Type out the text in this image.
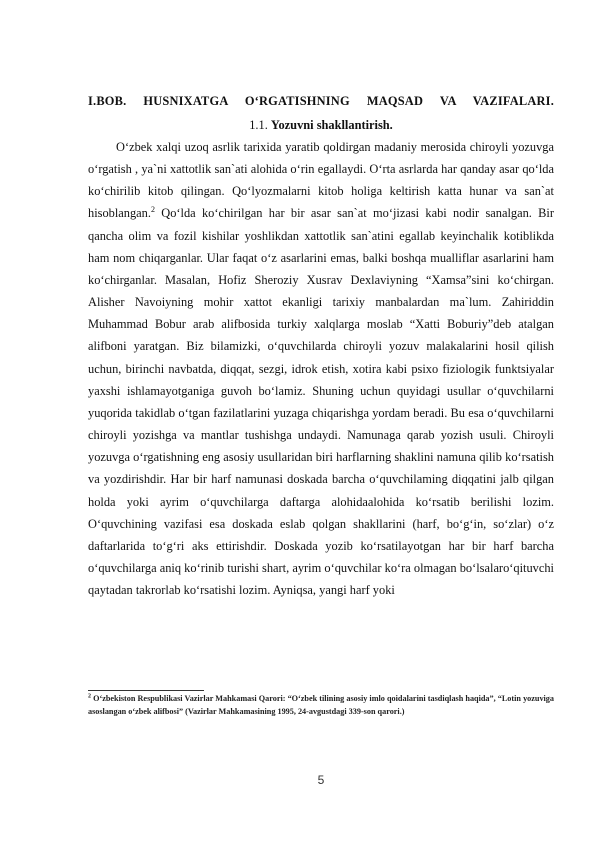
I.BOB. HUSNIXATGA O‘RGATISHNING MAQSAD VA VAZIFALARI.
1.1. Yozuvni shakllantirish.
O‘zbek xalqi uzoq asrlik tarixida yaratib qoldirgan madaniy merosida chiroyli yozuvga o‘rgatish , ya`ni xattotlik san`ati alohida o‘rin egallaydi. O‘rta asrlarda har qanday asar qo‘lda ko‘chirilib kitob qilingan. Qo‘lyozmalarni kitob holiga keltirish katta hunar va san`at hisoblangan.$^2$ Qo‘lda ko‘chirilgan har bir asar san`at mo‘jizasi kabi nodir sanalgan. Bir qancha olim va fozil kishilar yoshlikdan xattotlik san`atini egallab keyinchalik kotiblikda ham nom chiqarganlar. Ular faqat o‘z asarlarini emas, balki boshqa mualliflar asarlarini ham ko‘chirganlar. Masalan, Hofiz Sheroziy Xusrav Dexlaviyning “Xamsa”sini ko‘chirgan. Alisher Navoiyning mohir xattot ekanligi tarixiy manbalardan ma`lum. Zahiriddin Muhammad Bobur arab alifbosida turkiy xalqlarga moslab “Xatti Boburiy”deb atalgan alifboni yaratgan. Biz bilamizki, o‘quvchilarda chiroyli yozuv malakalarini hosil qilish uchun, birinchi navbatda, diqqat, sezgi, idrok etish, xotira kabi psixo fiziologik funktsiyalar yaxshi ishlamayotganiga guvoh bo‘lamiz. Shuning uchun quyidagi usullar o‘quvchilarni yuqorida takidlab o‘tgan fazilatlarini yuzaga chiqarishga yordam beradi. Bu esa o‘quvchilarni chiroyli yozishga va mantlar tushishga undaydi. Namunaga qarab yozish usuli. Chiroyli yozuvga o‘rgatishning eng asosiy usullaridan biri harflarning shaklini namuna qilib ko‘rsatish va yozdirishdir. Har bir harf namunasi doskada barcha o‘quvchilaming diqqatini jalb qilgan holda yoki ayrim o‘quvchilarga daftarga alohidaalohida ko‘rsatib berilishi lozim. O‘quvchining vazifasi esa doskada eslab qolgan shakllarini (harf, bo‘g‘in, so‘zlar) o‘z daftarlarida to‘g‘ri aks ettirishdir. Doskada yozib ko‘rsatilayotgan har bir harf barcha o‘quvchilarga aniq ko‘rinib turishi shart, ayrim o‘quvchilar ko‘ra olmagan bo‘lsalaro‘qituvchi qaytadan takrorlab ko‘rsatishi lozim. Ayniqsa, yangi harf yoki
$^2$ O‘zbekiston Respublikasi Vazirlar Mahkamasi Qarori: “O‘zbek tilining asosiy imlo qoidalarini tasdiqlash haqida”, “Lotin yozuviga asoslangan o‘zbek alifbosi” (Vazirlar Mahkamasining 1995, 24-avgustdagi 339-son qarori.)
5
